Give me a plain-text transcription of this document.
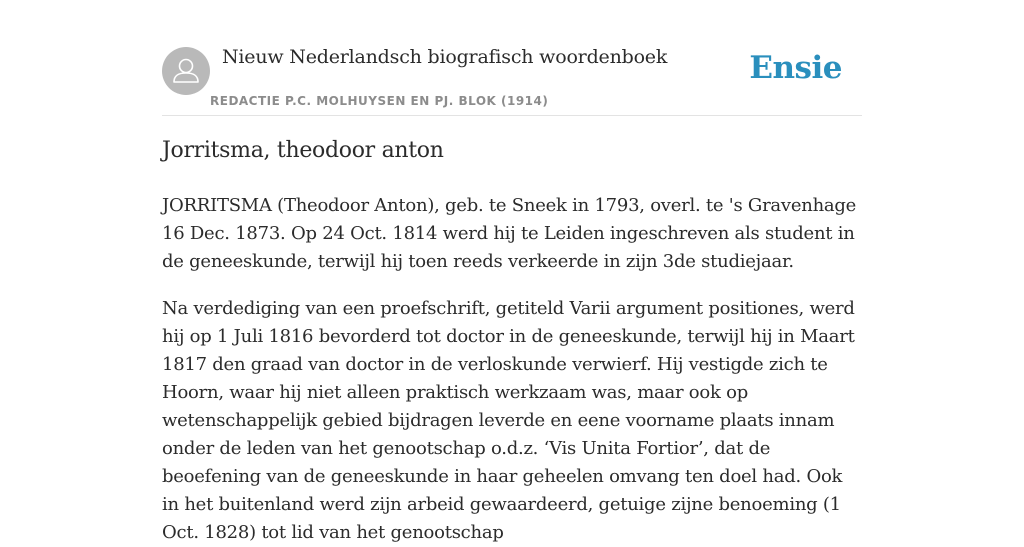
Nieuw Nederlandsch biografisch woordenboek
REDACTIE P.C. MOLHUYSEN EN PJ. BLOK (1914)
Ensie
Jorritsma, theodoor anton

JORRITSMA (Theodoor Anton), geb. te Sneek in 1793, overl. te 's Gravenhage 16 Dec. 1873. Op 24 Oct. 1814 werd hij te Leiden ingeschreven als student in de geneeskunde, terwijl hij toen reeds verkeerde in zijn 3de studiejaar.

Na verdediging van een proefschrift, getiteld Varii argument positiones, werd hij op 1 Juli 1816 bevorderd tot doctor in de geneeskunde, terwijl hij in Maart 1817 den graad van doctor in de verloskunde verwierf. Hij vestigde zich te Hoorn, waar hij niet alleen praktisch werkzaam was, maar ook op wetenschappelijk gebied bijdragen leverde en eene voorname plaats innam onder de leden van het genootschap o.d.z. ‘Vis Unita Fortior’, dat de beoefening van de geneeskunde in haar geheelen omvang ten doel had. Ook in het buitenland werd zijn arbeid gewaardeerd, getuige zijne benoeming (1 Oct. 1828) tot lid van het genootschap
